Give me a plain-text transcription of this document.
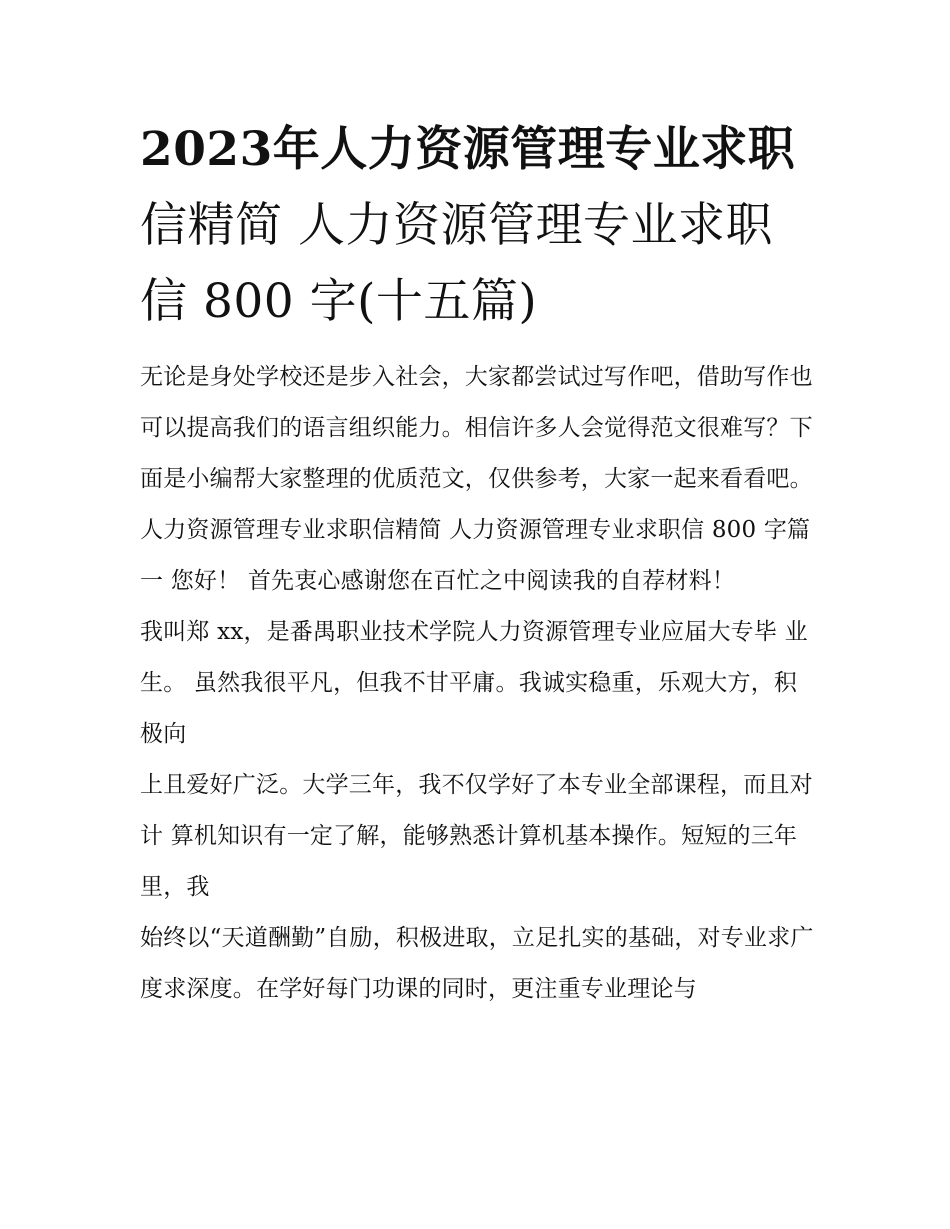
2023年人力资源管理专业求职
信精简 人力资源管理专业求职
信 800 字(十五篇)

无论是身处学校还是步入社会，大家都尝试过写作吧，借助写作也可以提高我们的语言组织能力。相信许多人会觉得范文很难写？下面是小编帮大家整理的优质范文，仅供参考，大家一起来看看吧。

人力资源管理专业求职信精简 人力资源管理专业求职信 800 字篇一 您好！ 首先衷心感谢您在百忙之中阅读我的自荐材料！

我叫郑 xx，是番禺职业技术学院人力资源管理专业应届大专毕 业生。 虽然我很平凡，但我不甘平庸。我诚实稳重，乐观大方，积极向

上且爱好广泛。大学三年，我不仅学好了本专业全部课程，而且对计 算机知识有一定了解，能够熟悉计算机基本操作。短短的三年里，我

始终以“天道酬勤”自励，积极进取，立足扎实的基础，对专业求广 度求深度。在学好每门功课的同时，更注重专业理论与
